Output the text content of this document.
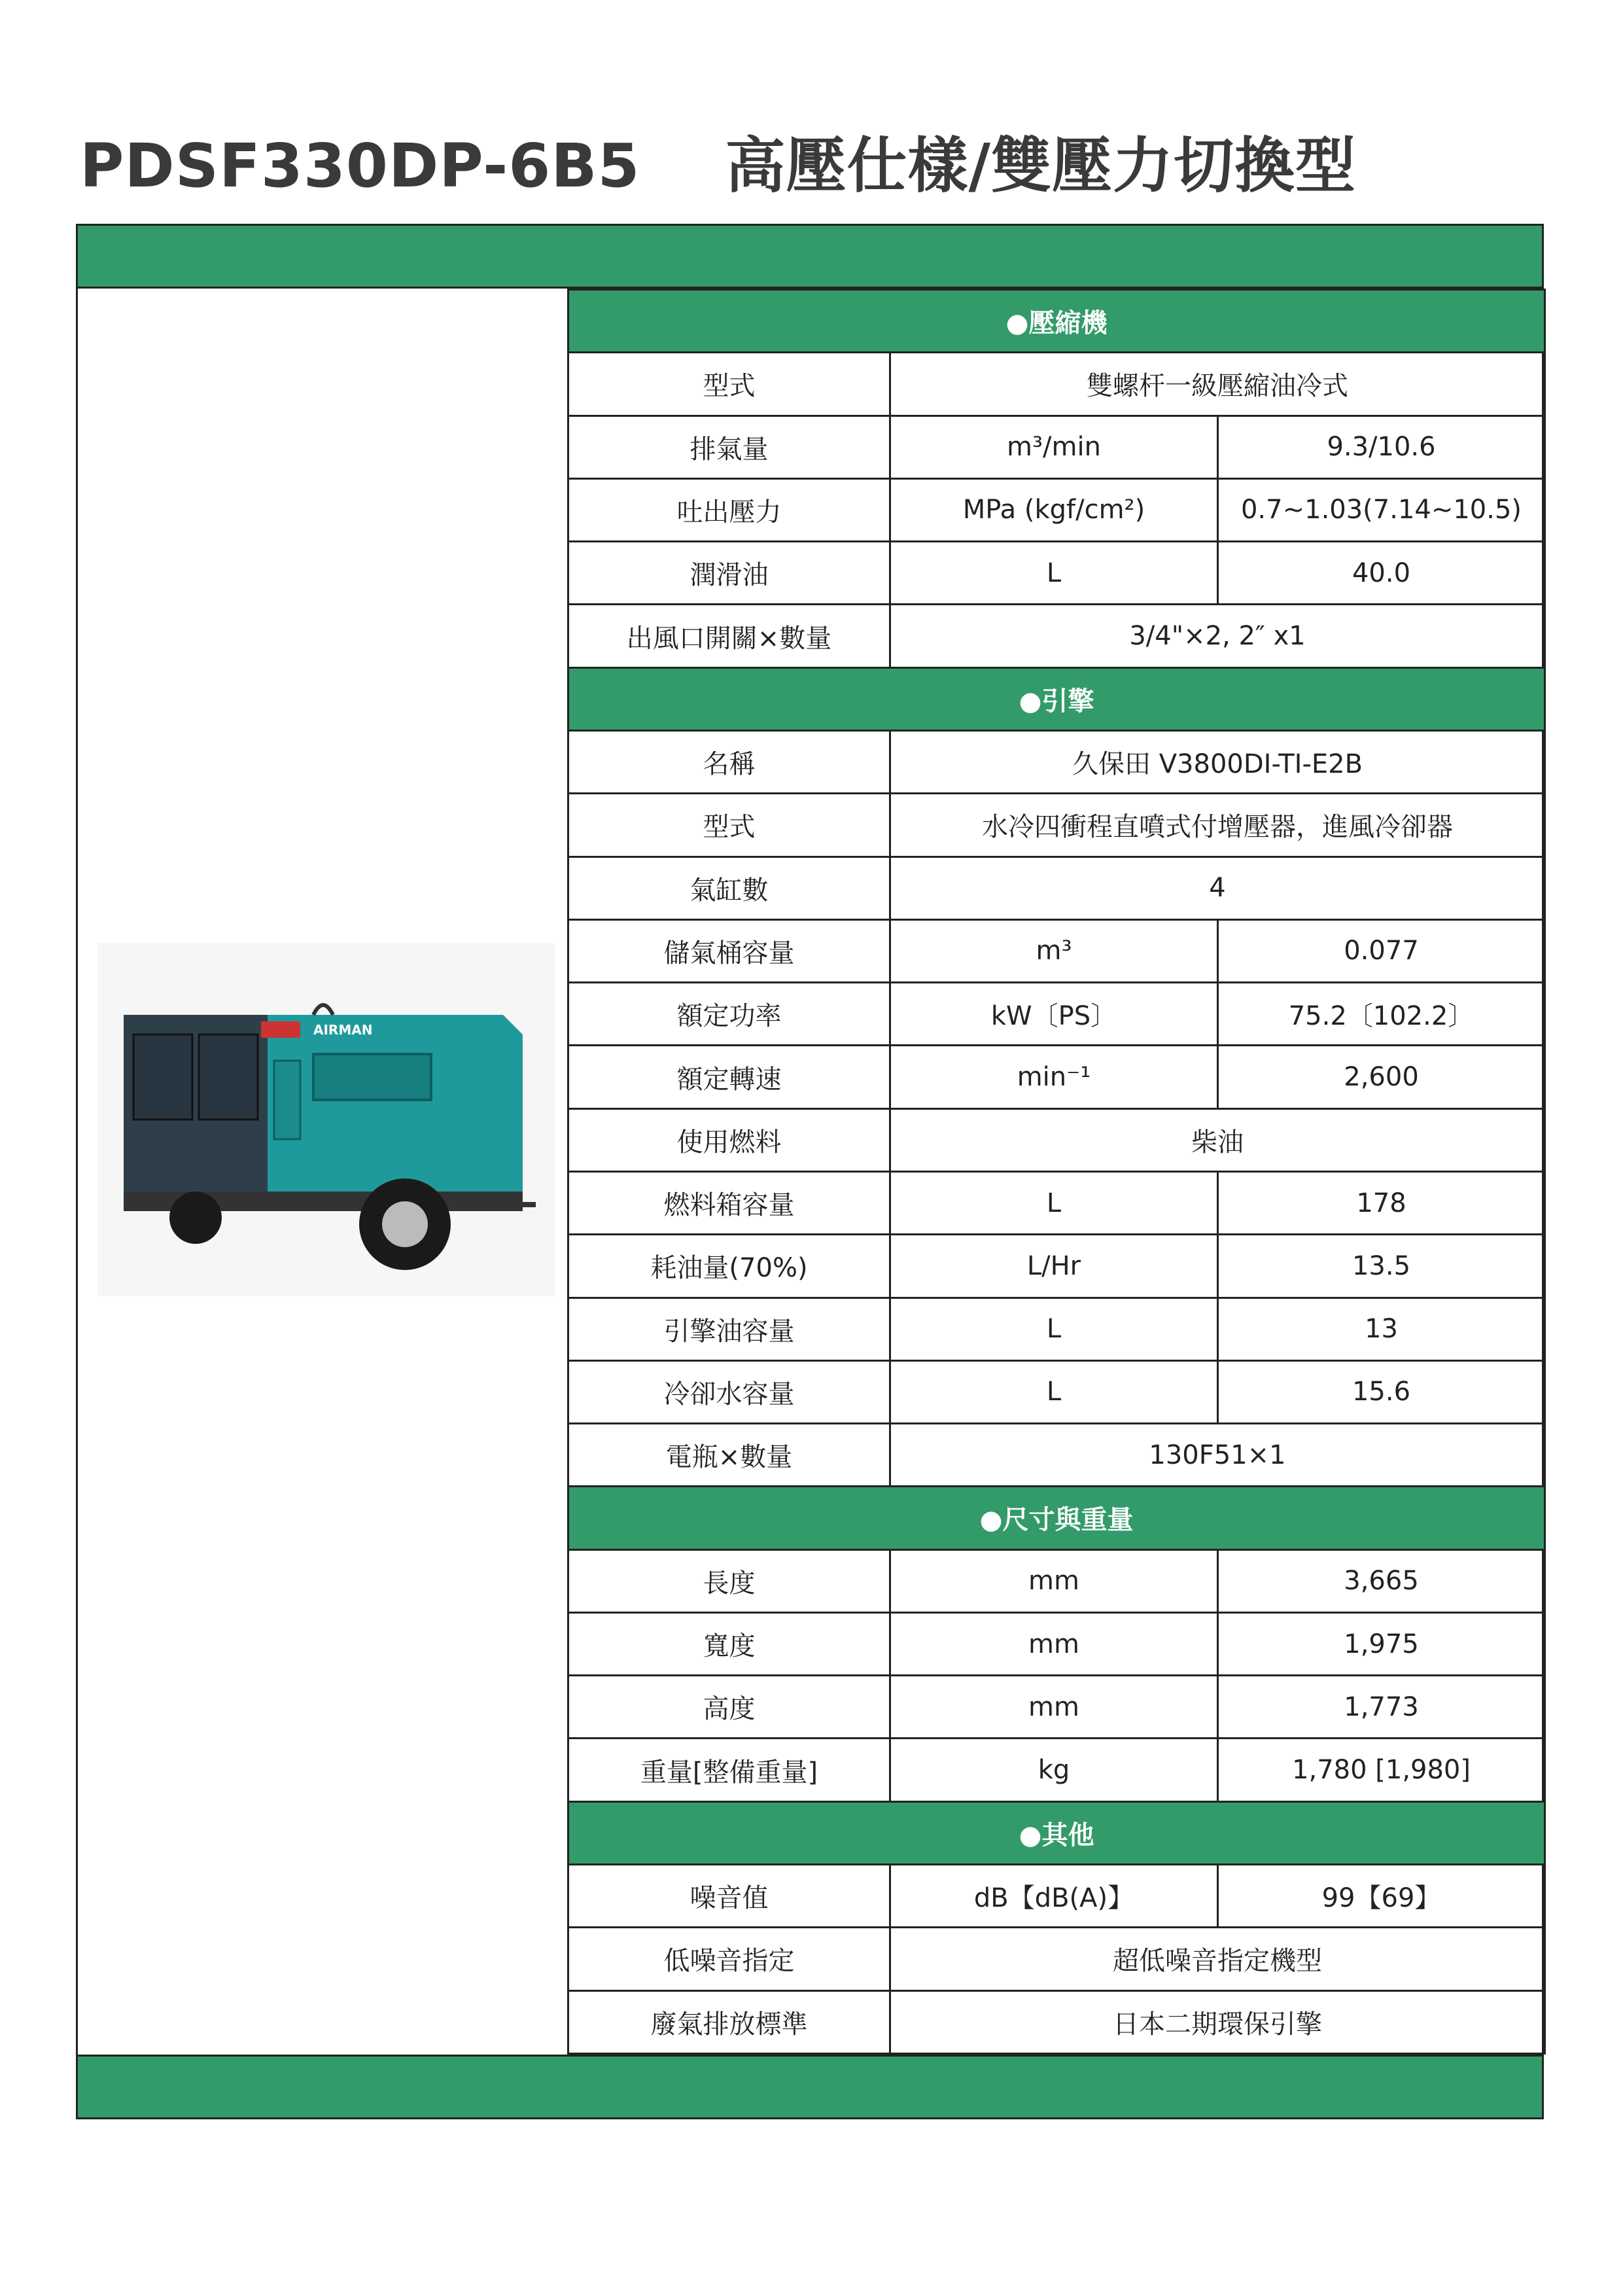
PDSF330DP-6B5 高壓仕樣/雙壓力切換型
AIRMAN
●壓縮機		
型式	雙螺杆一級壓縮油冷式	
排氣量	m³/min	9.3/10.6
吐出壓力	MPa (kgf/cm²)	0.7~1.03(7.14~10.5)
潤滑油	L	40.0
出風口開關×數量	3/4"×2, 2″ x1	
●引擎		
名稱	久保田 V3800DI-TI-E2B	
型式	水冷四衝程直噴式付增壓器，進風冷卻器	
氣缸數	4	
儲氣桶容量	m³	0.077
額定功率	kW〔PS〕	75.2〔102.2〕
額定轉速	min⁻¹	2,600
使用燃料	柴油	
燃料箱容量	L	178
耗油量(70%)	L/Hr	13.5
引擎油容量	L	13
冷卻水容量	L	15.6
電瓶×數量	130F51×1	
●尺寸與重量		
長度	mm	3,665
寬度	mm	1,975
高度	mm	1,773
重量[整備重量]	kg	1,780 [1,980]
●其他		
噪音值	dB【dB(A)】	99【69】
低噪音指定	超低噪音指定機型	
廢氣排放標準	日本二期環保引擎	
